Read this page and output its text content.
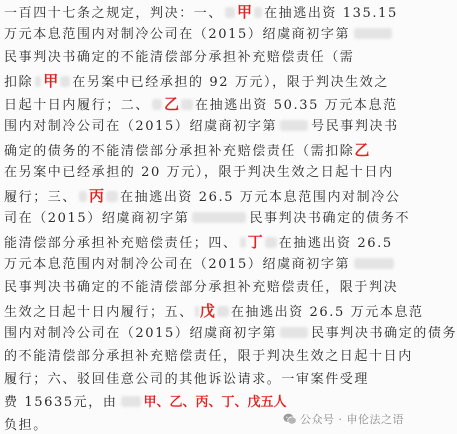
一百四十七条之规定，判决：一、 甲 在抽逃出资 135.15
万元本息范围内对制冷公司在（2015）绍虞商初字第
民事判决书确定的不能清偿部分承担补充赔偿责任（需
扣除 甲 在另案中已经承担的 92 万元），限于判决生效之
日起十日内履行；二、 乙 在抽逃出资 50.35 万元本息范
围内对制冷公司在（2015）绍虞商初字第	号民事判决书
确定的债务的不能清偿部分承担补充赔偿责任（需扣除乙
在另案中已经承担的 20 万元），限于判决生效之日起十日内
履行；三、 丙 在抽逃出资 26.5 万元本息范围内对制冷公
司在（2015）绍虞商初字第	民事判决书确定的债务不
能清偿部分承担补充赔偿责任；四、 丁 在抽逃出资 26.5
万元本息范围内对制冷公司在（2015）绍虞商初字第
民事判决书确定的不能清偿部分承担补充赔偿责任，限于判决
生效之日起十日内履行；五、 戊 在抽逃出资 26.5 万元本息范
围内对制冷公司在（2015）绍虞商初字第	民事判决书确定的债务
的不能清偿部分承担补充赔偿责任，限于判决生效之日起十日内
履行；六、驳回佳意公司的其他诉讼请求。一审案件受理
费 15635元，由 甲、乙、丙、丁、戊五人
负担。	公众号 · 申伦法之语
